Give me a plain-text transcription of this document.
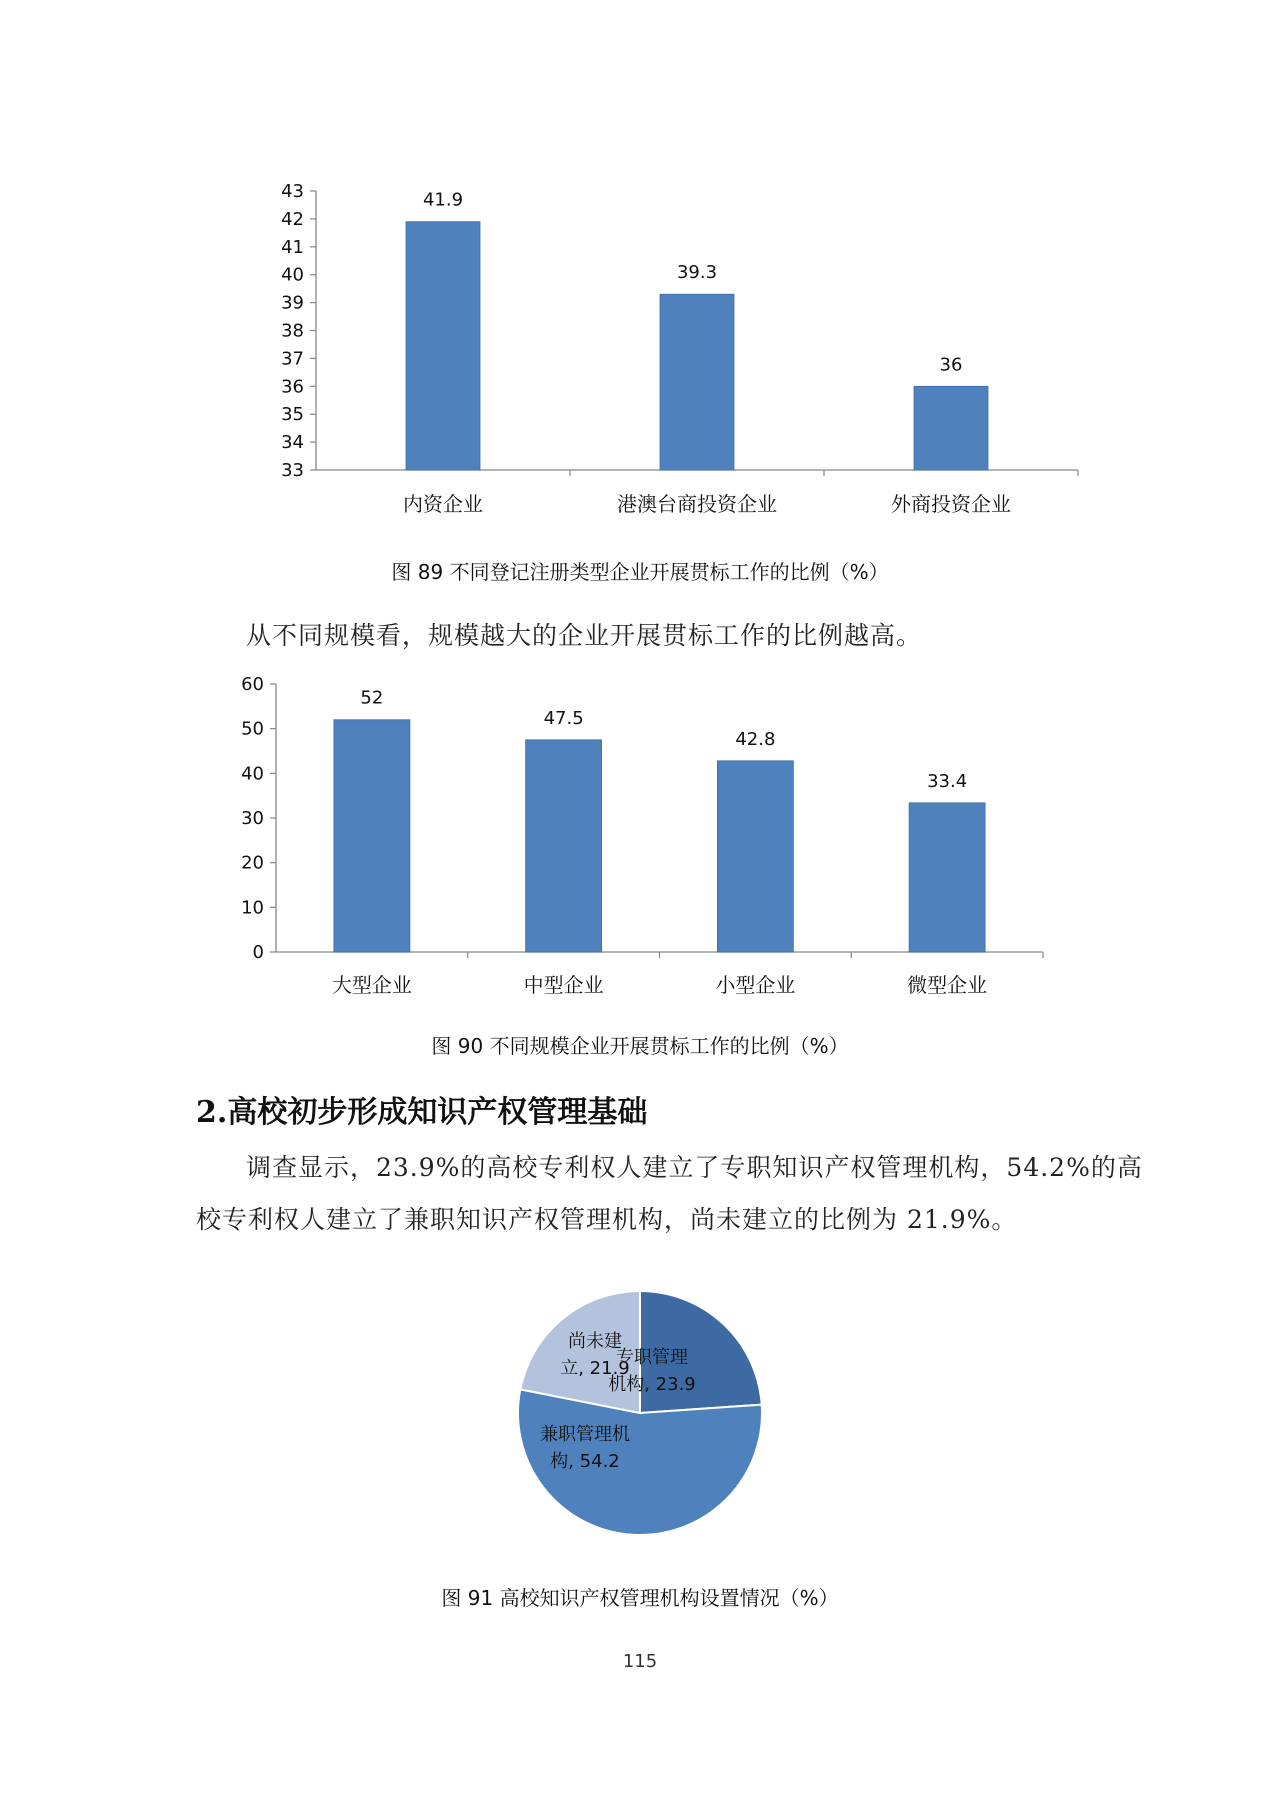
33
34
35
36
37
38
39
40
41
42
43	41.9
39.3
36
内资企业	港澳台商投资企业	外商投资企业
图 89 不同登记注册类型企业开展贯标工作的比例（%）
从不同规模看，规模越大的企业开展贯标工作的比例越高。
0
10
20
30
40
50
60
52
47.5
42.8
33.4
大型企业	中型企业	小型企业	微型企业
图 90 不同规模企业开展贯标工作的比例（%）
2.高校初步形成知识产权管理基础
调查显示，23.9%的高校专利权人建立了专职知识产权管理机构，54.2%的高
校专利权人建立了兼职知识产权管理机构，尚未建立的比例为 21.9%。
专职管理
机构, 23.9
兼职管理机
构, 54.2
尚未建
立, 21.9
图 91 高校知识产权管理机构设置情况（%）
115
